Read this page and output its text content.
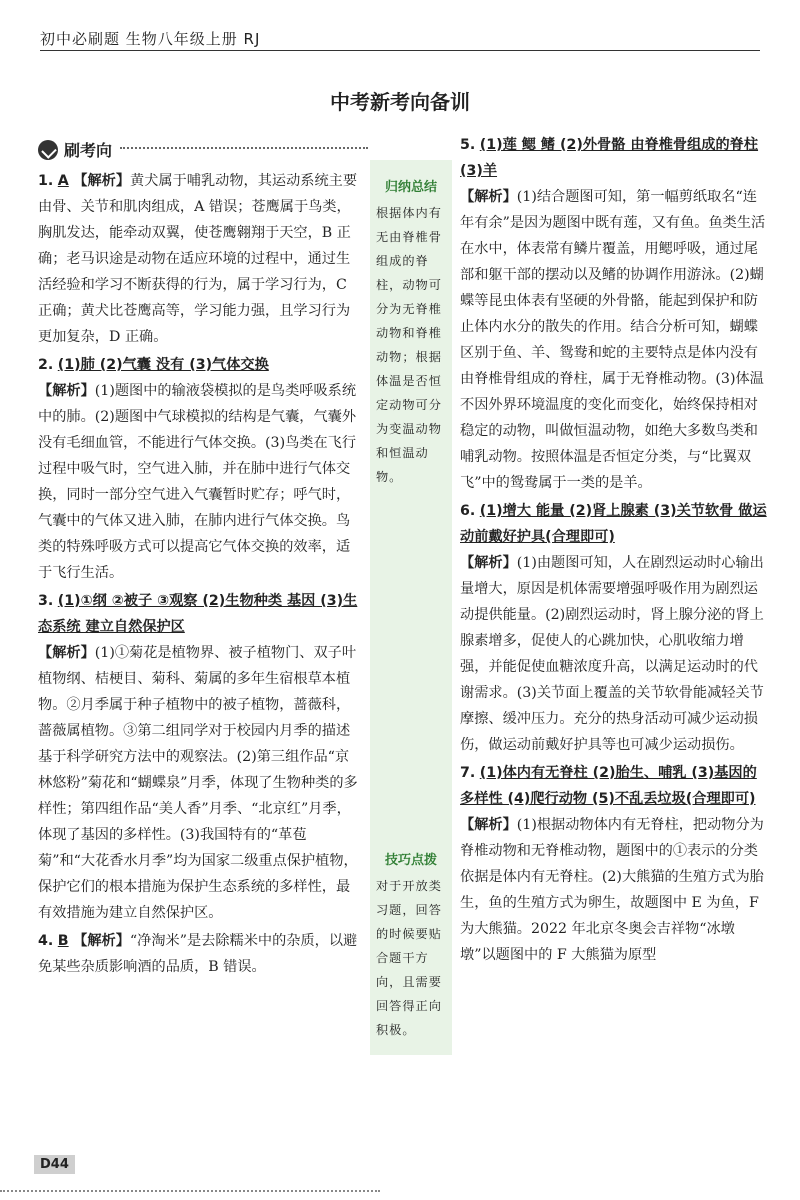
初中必刷题 生物八年级上册 RJ
中考新考向备训
刷考向

1. A 【解析】黄犬属于哺乳动物，其运动系统主要由骨、关节和肌肉组成，A 错误；苍鹰属于鸟类，胸肌发达，能牵动双翼，使苍鹰翱翔于天空，B 正确；老马识途是动物在适应环境的过程中，通过生活经验和学习不断获得的行为，属于学习行为，C 正确；黄犬比苍鹰高等，学习能力强，且学习行为更加复杂，D 正确。

2. (1)肺 (2)气囊 没有 (3)气体交换
【解析】(1)题图中的输液袋模拟的是鸟类呼吸系统中的肺。(2)题图中气球模拟的结构是气囊，气囊外没有毛细血管，不能进行气体交换。(3)鸟类在飞行过程中吸气时，空气进入肺，并在肺中进行气体交换，同时一部分空气进入气囊暂时贮存；呼气时，气囊中的气体又进入肺，在肺内进行气体交换。鸟类的特殊呼吸方式可以提高它气体交换的效率，适于飞行生活。

3. (1)①纲 ②被子 ③观察 (2)生物种类 基因 (3)生态系统 建立自然保护区
【解析】(1)①菊花是植物界、被子植物门、双子叶植物纲、桔梗目、菊科、菊属的多年生宿根草本植物。②月季属于种子植物中的被子植物，蔷薇科，蔷薇属植物。③第二组同学对于校园内月季的描述基于科学研究方法中的观察法。(2)第三组作品“京林悠粉”菊花和“蝴蝶泉”月季，体现了生物种类的多样性；第四组作品“美人香”月季、“北京红”月季，体现了基因的多样性。(3)我国特有的“革苞菊”和“大花香水月季”均为国家二级重点保护植物，保护它们的根本措施为保护生态系统的多样性，最有效措施为建立自然保护区。

4. B 【解析】“净淘米”是去除糯米中的杂质，以避免某些杂质影响酒的品质，B 错误。

归纳总结
根据体内有无由脊椎骨组成的脊柱，动物可分为无脊椎动物和脊椎动物；根据体温是否恒定动物可分为变温动物和恒温动物。
技巧点拨
对于开放类习题，回答的时候要贴合题干方向，且需要回答得正向积极。

5. (1)莲 鳃 鳍 (2)外骨骼 由脊椎骨组成的脊柱 (3)羊
【解析】(1)结合题图可知，第一幅剪纸取名“连年有余”是因为题图中既有莲，又有鱼。鱼类生活在水中，体表常有鳞片覆盖，用鳃呼吸，通过尾部和躯干部的摆动以及鳍的协调作用游泳。(2)蝴蝶等昆虫体表有坚硬的外骨骼，能起到保护和防止体内水分的散失的作用。结合分析可知，蝴蝶区别于鱼、羊、鸳鸯和蛇的主要特点是体内没有由脊椎骨组成的脊柱，属于无脊椎动物。(3)体温不因外界环境温度的变化而变化，始终保持相对稳定的动物，叫做恒温动物，如绝大多数鸟类和哺乳动物。按照体温是否恒定分类，与“比翼双飞”中的鸳鸯属于一类的是羊。

6. (1)增大 能量 (2)肾上腺素 (3)关节软骨 做运动前戴好护具(合理即可)
【解析】(1)由题图可知，人在剧烈运动时心输出量增大，原因是机体需要增强呼吸作用为剧烈运动提供能量。(2)剧烈运动时，肾上腺分泌的肾上腺素增多，促使人的心跳加快，心肌收缩力增强，并能促使血糖浓度升高，以满足运动时的代谢需求。(3)关节面上覆盖的关节软骨能减轻关节摩擦、缓冲压力。充分的热身活动可减少运动损伤，做运动前戴好护具等也可减少运动损伤。

7. (1)体内有无脊柱 (2)胎生、哺乳 (3)基因的多样性 (4)爬行动物 (5)不乱丢垃圾(合理即可)
【解析】(1)根据动物体内有无脊柱，把动物分为脊椎动物和无脊椎动物，题图中的①表示的分类依据是体内有无脊柱。(2)大熊猫的生殖方式为胎生，鱼的生殖方式为卵生，故题图中 E 为鱼，F 为大熊猫。2022 年北京冬奥会吉祥物“冰墩墩”以题图中的 F 大熊猫为原型

D44
